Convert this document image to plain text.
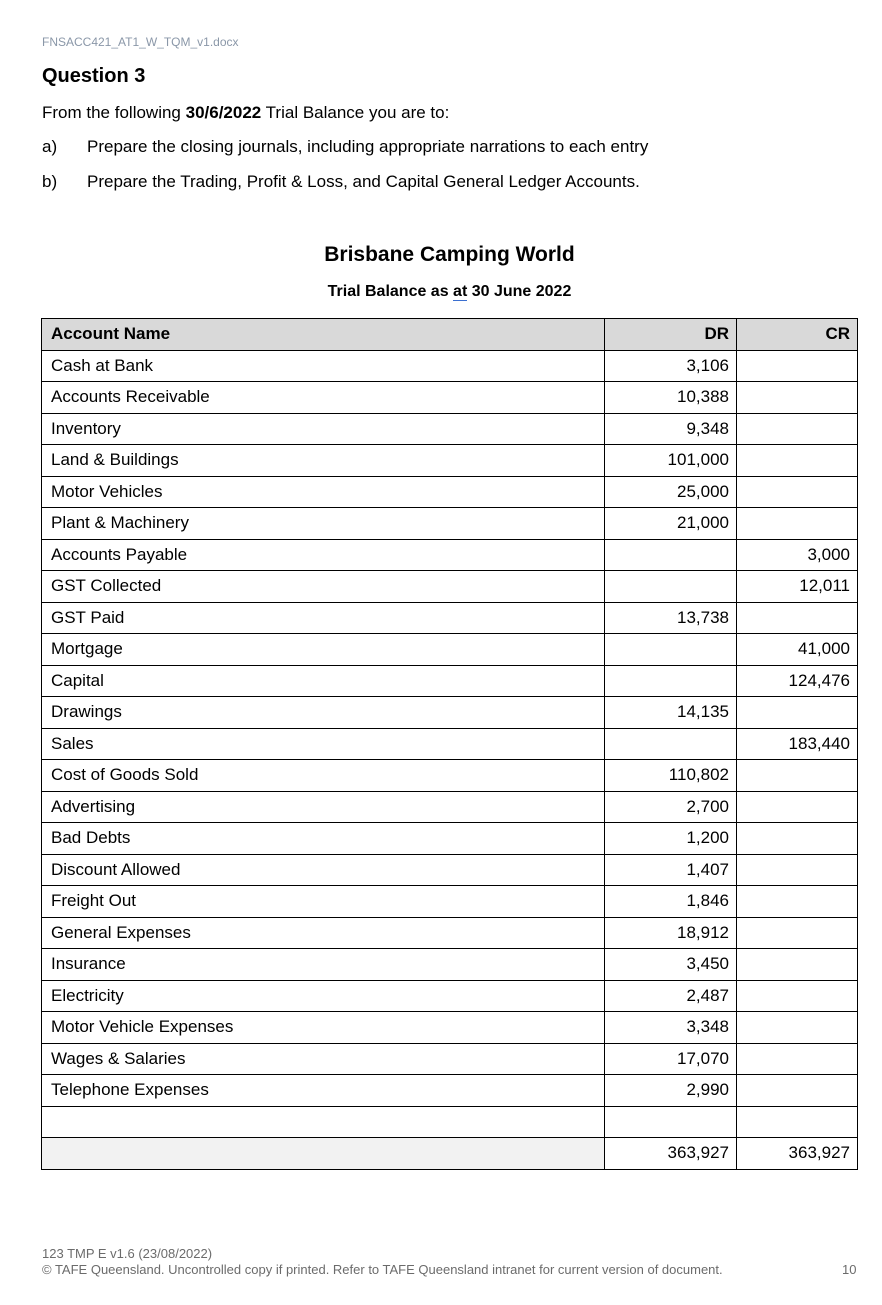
FNSACC421_AT1_W_TQM_v1.docx
Question 3
From the following 30/6/2022 Trial Balance you are to:
a)	Prepare the closing journals, including appropriate narrations to each entry
b)	Prepare the Trading, Profit & Loss, and Capital General Ledger Accounts.
Brisbane Camping World
Trial Balance as at 30 June 2022
Account Name	DR	CR
Cash at Bank	3,106	
Accounts Receivable	10,388	
Inventory	9,348	
Land & Buildings	101,000	
Motor Vehicles	25,000	
Plant & Machinery	21,000	
Accounts Payable		3,000
GST Collected		12,011
GST Paid	13,738	
Mortgage		41,000
Capital		124,476
Drawings	14,135	
Sales		183,440
Cost of Goods Sold	110,802	
Advertising	2,700	
Bad Debts	1,200	
Discount Allowed	1,407	
Freight Out	1,846	
General Expenses	18,912	
Insurance	3,450	
Electricity	2,487	
Motor Vehicle Expenses	3,348	
Wages & Salaries	17,070	
Telephone Expenses	2,990	

	363,927	363,927
123 TMP E v1.6 (23/08/2022)
© TAFE Queensland. Uncontrolled copy if printed. Refer to TAFE Queensland intranet for current version of document.	10
